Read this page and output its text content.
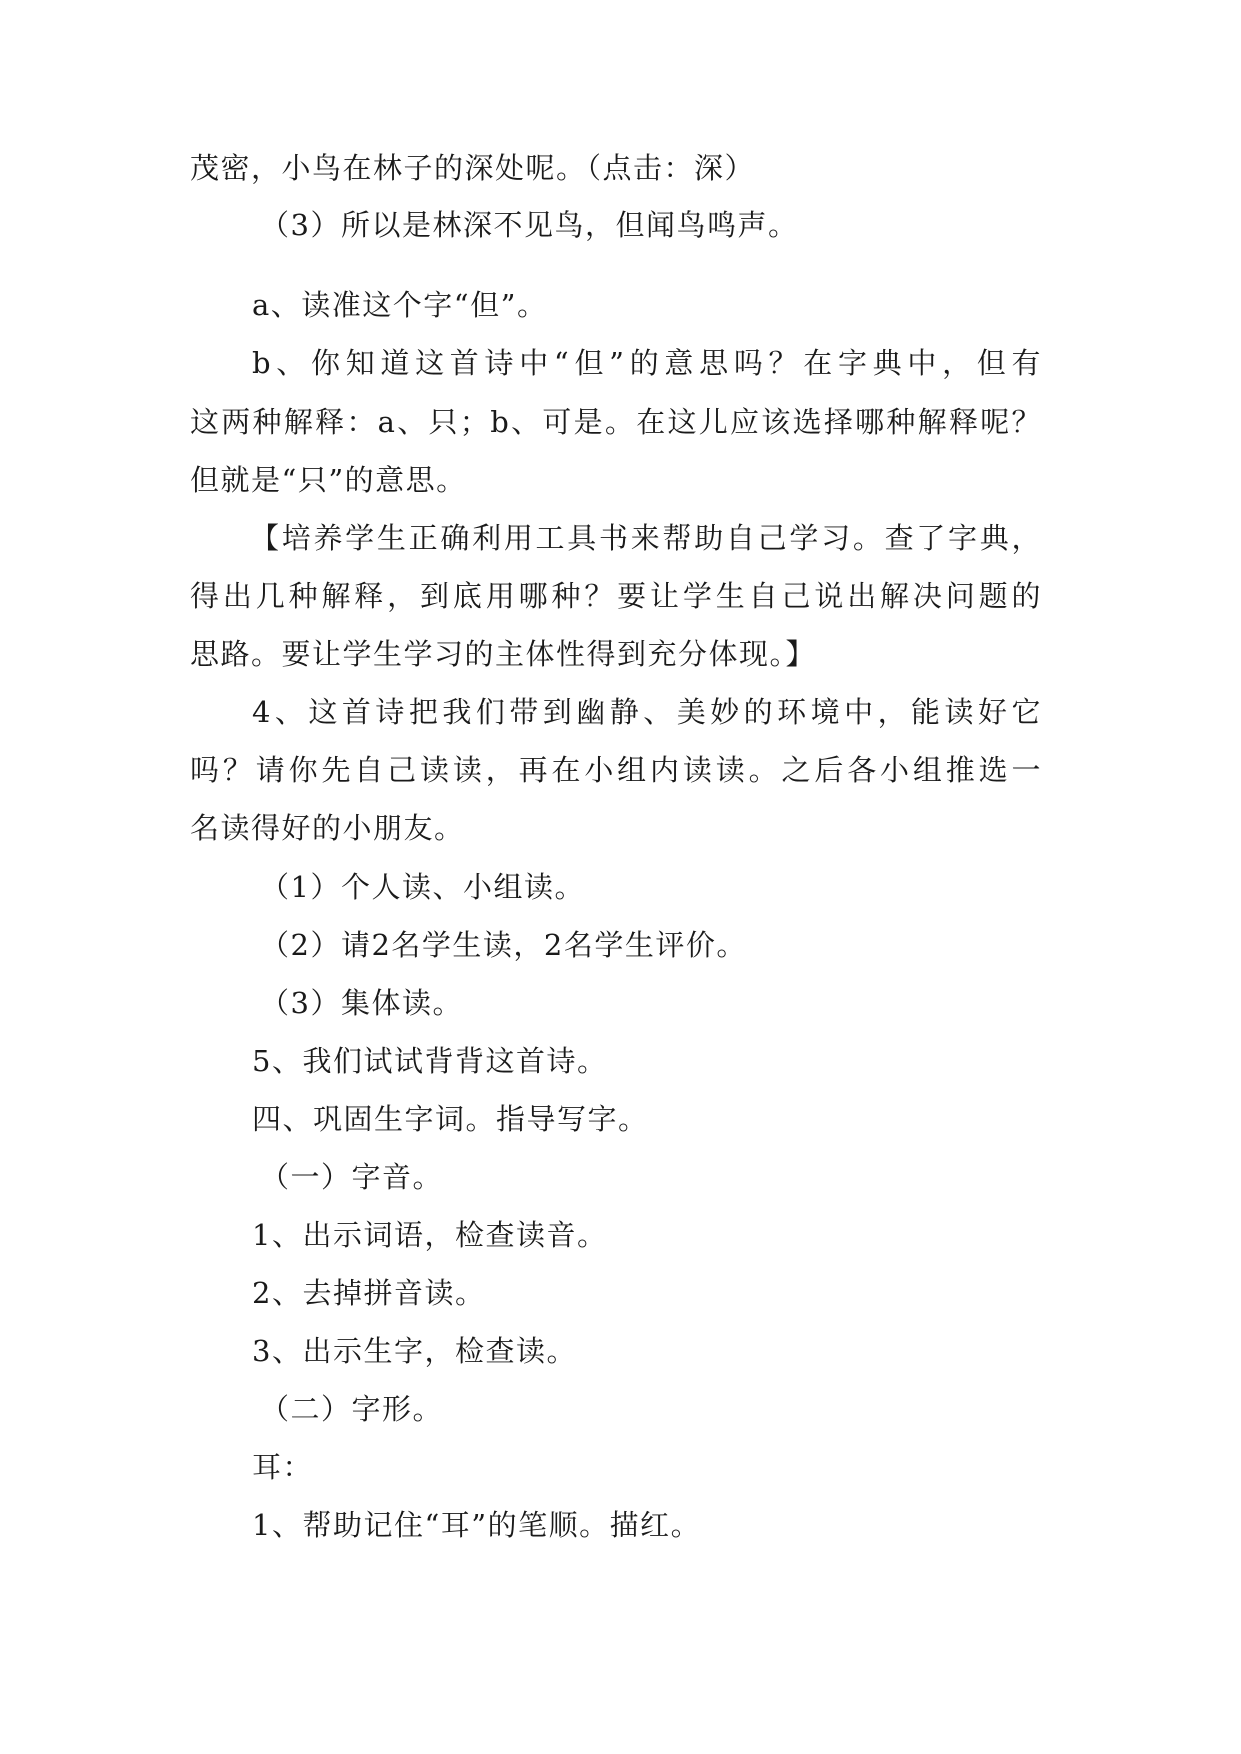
茂密，小鸟在林子的深处呢。（点击：深）
（3）所以是林深不见鸟，但闻鸟鸣声。
a、读准这个字“但”。
b、你知道这首诗中“但”的意思吗？在字典中，但有
这两种解释：a、只；b、可是。在这儿应该选择哪种解释呢？
但就是“只”的意思。
【培养学生正确利用工具书来帮助自己学习。查了字典，
得出几种解释，到底用哪种？要让学生自己说出解决问题的
思路。要让学生学习的主体性得到充分体现。】
4、这首诗把我们带到幽静、美妙的环境中，能读好它
吗？请你先自己读读，再在小组内读读。之后各小组推选一
名读得好的小朋友。
（1）个人读、小组读。
（2）请2名学生读，2名学生评价。
（3）集体读。
5、我们试试背背这首诗。
四、巩固生字词。指导写字。
（一）字音。
1、出示词语，检查读音。
2、去掉拼音读。
3、出示生字，检查读。
（二）字形。
耳：
1、帮助记住“耳”的笔顺。描红。
